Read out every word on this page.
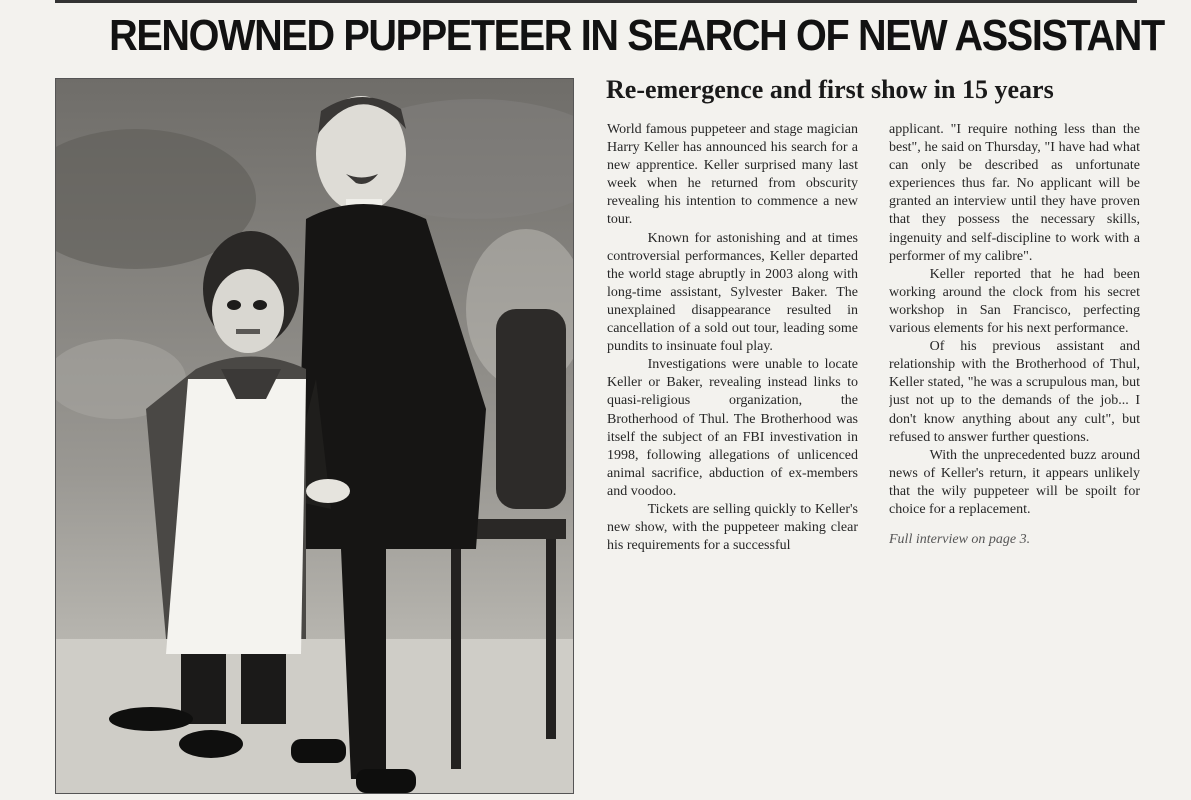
RENOWNED PUPPETEER IN SEARCH OF NEW ASSISTANT
Re-emergence and first show in 15 years

World famous puppeteer and stage magician Harry Keller has announced his search for a new apprentice. Keller surprised many last week when he returned from obscurity revealing his intention to commence a new tour.

Known for astonishing and at times controversial performances, Keller departed the world stage abruptly in 2003 along with long-time assistant, Sylvester Baker. The unexplained disappearance resulted in cancellation of a sold out tour, leading some pundits to insinuate foul play.

Investigations were unable to locate Keller or Baker, revealing instead links to quasi-religious organization, the Brotherhood of Thul. The Brotherhood was itself the subject of an FBI investivation in 1998, following allegations of unlicenced animal sacrifice, abduction of ex-members and voodoo.

Tickets are selling quickly to Keller's new show, with the puppeteer making clear his requirements for a successful

applicant. "I require nothing less than the best", he said on Thursday, "I have had what can only be described as unfortunate experiences thus far. No applicant will be granted an interview until they have proven that they possess the necessary skills, ingenuity and self-discipline to work with a performer of my calibre".

Keller reported that he had been working around the clock from his secret workshop in San Francisco, perfecting various elements for his next performance.

Of his previous assistant and relationship with the Brotherhood of Thul, Keller stated, "he was a scrupulous man, but just not up to the demands of the job... I don't know anything about any cult", but refused to answer further questions.

With the unprecedented buzz around news of Keller's return, it appears unlikely that the wily puppeteer will be spoilt for choice for a replacement.

Full interview on page 3.
